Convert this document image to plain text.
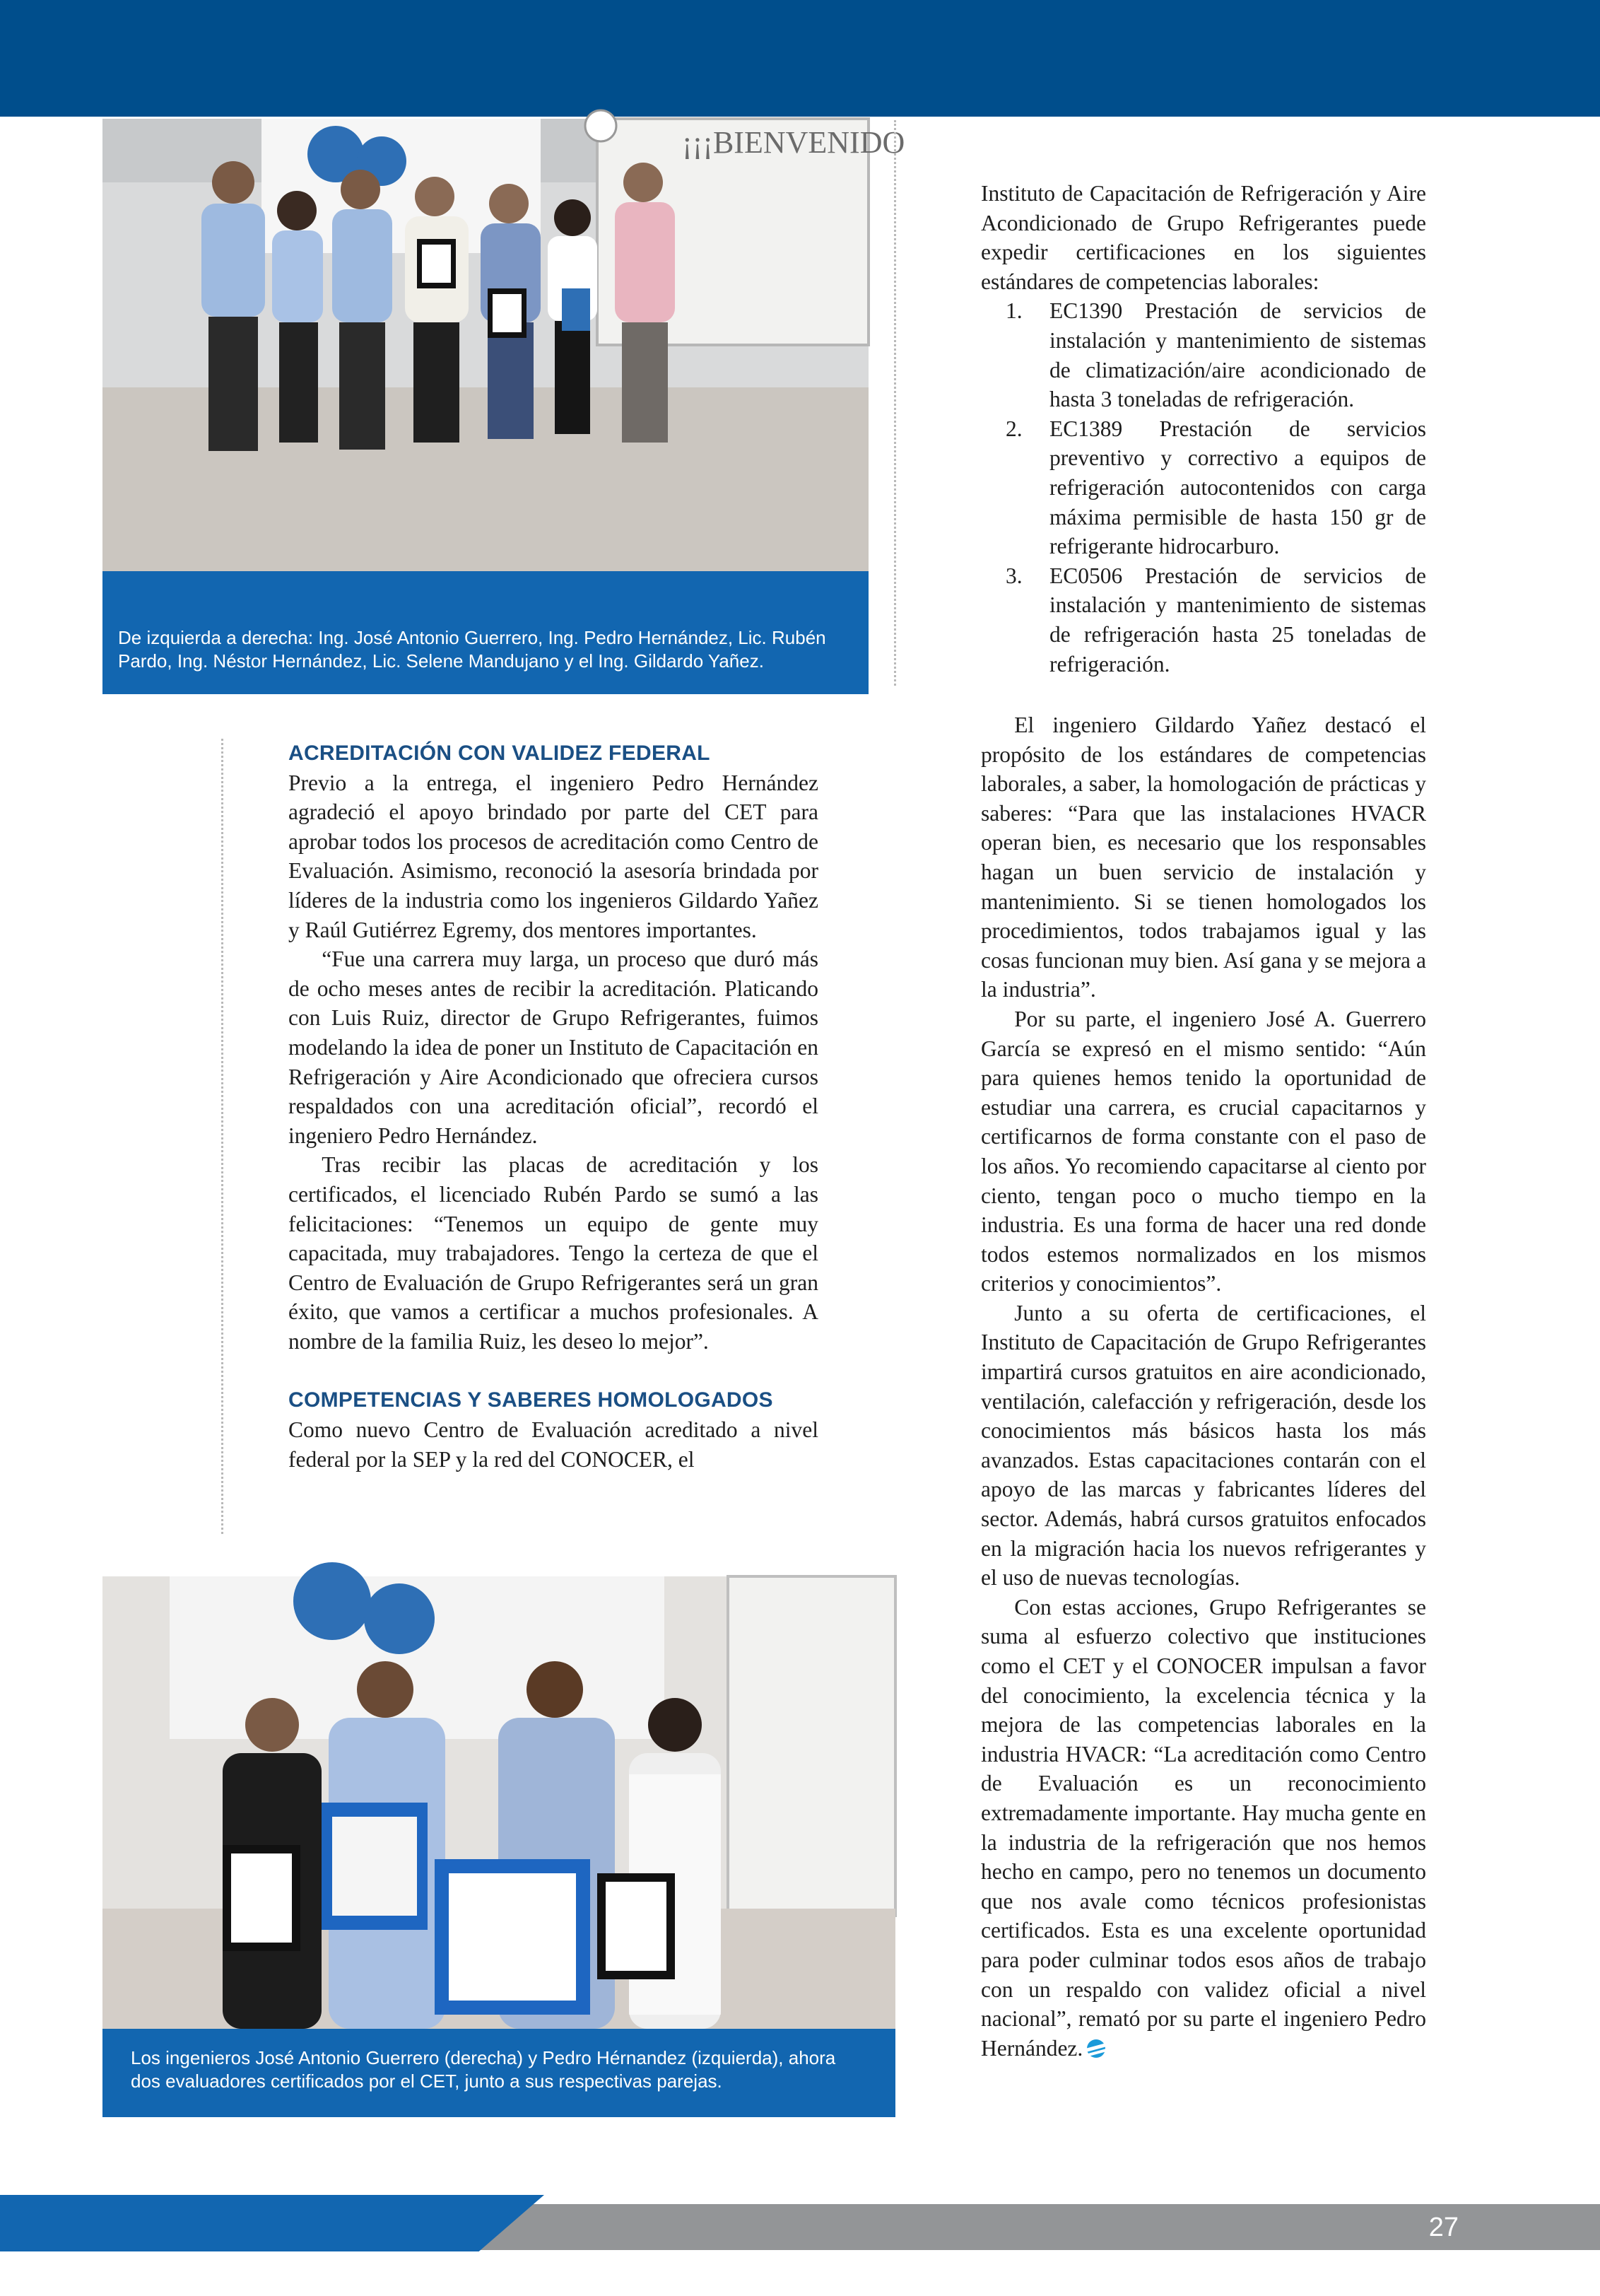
¡¡¡BIENVENIDO
De izquierda a derecha: Ing. José Antonio Guerrero, Ing. Pedro Hernández, Lic. Rubén Pardo, Ing. Néstor Hernández, Lic. Selene Mandujano y el Ing. Gildardo Yañez.

Instituto de Capacitación de Refrigeración y Aire Acondicionado de Grupo Refrigerantes puede expedir certificaciones en los siguientes estándares de competencias laborales:

1. EC1390 Prestación de servicios de instalación y mantenimiento de sistemas de climatización/aire acondicionado de hasta 3 toneladas de refrigeración.
2. EC1389 Prestación de servicios preventivo y correctivo a equipos de refrigeración autocontenidos con carga máxima permisible de hasta 150 gr de refrigerante hidrocarburo.
3. EC0506 Prestación de servicios de instalación y mantenimiento de sistemas de refrigeración hasta 25 toneladas de refrigeración.
ACREDITACIÓN CON VALIDEZ FEDERAL

Previo a la entrega, el ingeniero Pedro Hernández agradeció el apoyo brindado por parte del CET para aprobar todos los procesos de acreditación como Centro de Evaluación. Asimismo, reconoció la asesoría brindada por líderes de la industria como los ingenieros Gildardo Yañez y Raúl Gutiérrez Egremy, dos mentores importantes.

“Fue una carrera muy larga, un proceso que duró más de ocho meses antes de recibir la acreditación. Platicando con Luis Ruiz, director de Grupo Refrigerantes, fuimos modelando la idea de poner un Instituto de Capacitación en Refrigeración y Aire Acondicionado que ofreciera cursos respaldados con una acreditación oficial”, recordó el ingeniero Pedro Hernández.

Tras recibir las placas de acreditación y los certificados, el licenciado Rubén Pardo se sumó a las felicitaciones: “Tenemos un equipo de gente muy capacitada, muy trabajadores. Tengo la certeza de que el Centro de Evaluación de Grupo Refrigerantes será un gran éxito, que vamos a certificar a muchos profesionales. A nombre de la familia Ruiz, les deseo lo mejor”.

COMPETENCIAS Y SABERES HOMOLOGADOS

Como nuevo Centro de Evaluación acreditado a nivel federal por la SEP y la red del CONOCER, el

El ingeniero Gildardo Yañez destacó el propósito de los estándares de competencias laborales, a saber, la homologación de prácticas y saberes: “Para que las instalaciones HVACR operan bien, es necesario que los responsables hagan un buen servicio de instalación y mantenimiento. Si se tienen homologados los procedimientos, todos trabajamos igual y las cosas funcionan muy bien. Así gana y se mejora a la industria”.

Por su parte, el ingeniero José A. Guerrero García se expresó en el mismo sentido: “Aún para quienes hemos tenido la oportunidad de estudiar una carrera, es crucial capacitarnos y certificarnos de forma constante con el paso de los años. Yo recomiendo capacitarse al ciento por ciento, tengan poco o mucho tiempo en la industria. Es una forma de hacer una red donde todos estemos normalizados en los mismos criterios y conocimientos”.

Junto a su oferta de certificaciones, el Instituto de Capacitación de Grupo Refrigerantes impartirá cursos gratuitos en aire acondicionado, ventilación, calefacción y refrigeración, desde los conocimientos más básicos hasta los más avanzados. Estas capacitaciones contarán con el apoyo de las marcas y fabricantes líderes del sector. Además, habrá cursos gratuitos enfocados en la migración hacia los nuevos refrigerantes y el uso de nuevas tecnologías.

Con estas acciones, Grupo Refrigerantes se suma al esfuerzo colectivo que instituciones como el CET y el CONOCER impulsan a favor del conocimiento, la excelencia técnica y la mejora de las competencias laborales en la industria HVACR: “La acreditación como Centro de Evaluación es un reconocimiento extremadamente importante. Hay mucha gente en la industria de la refrigeración que nos hemos hecho en campo, pero no tenemos un documento que nos avale como técnicos profesionistas certificados. Esta es una excelente oportunidad para poder culminar todos esos años de trabajo con un respaldo con validez oficial a nivel nacional”, remató por su parte el ingeniero Pedro Hernández.

Los ingenieros José Antonio Guerrero (derecha) y Pedro Hérnandez (izquierda), ahora dos evaluadores certificados por el CET, junto a sus respectivas parejas.
27
